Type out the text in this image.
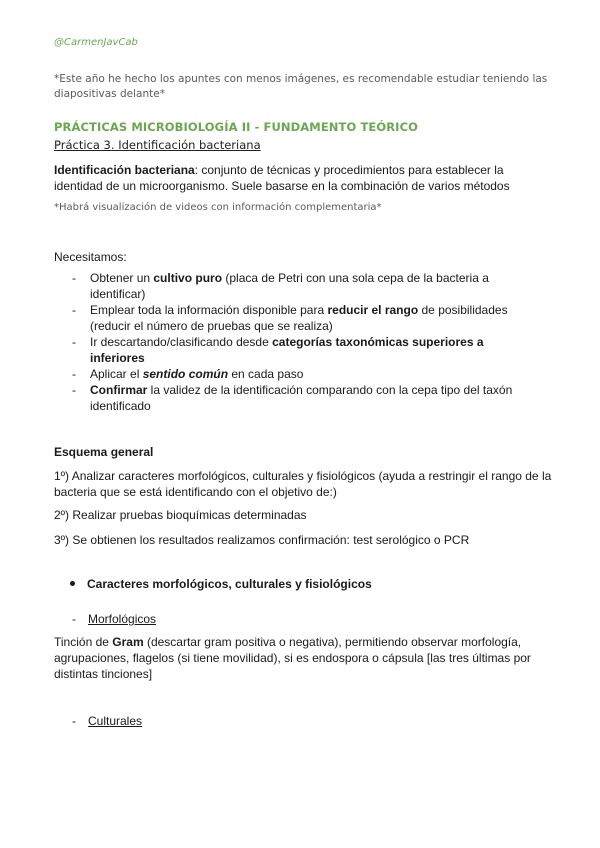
@CarmenJavCab
*Este año he hecho los apuntes con menos imágenes, es recomendable estudiar teniendo las diapositivas delante*
PRÁCTICAS MICROBIOLOGÍA II - FUNDAMENTO TEÓRICO
Práctica 3. Identificación bacteriana
Identificación bacteriana: conjunto de técnicas y procedimientos para establecer la identidad de un microorganismo. Suele basarse en la combinación de varios métodos
*Habrá visualización de videos con información complementaria*
Necesitamos:
- Obtener un cultivo puro (placa de Petri con una sola cepa de la bacteria a identificar)
- Emplear toda la información disponible para reducir el rango de posibilidades (reducir el número de pruebas que se realiza)
- Ir descartando/clasificando desde categorías taxonómicas superiores a inferiores
- Aplicar el sentido común en cada paso
- Confirmar la validez de la identificación comparando con la cepa tipo del taxón identificado
Esquema general
1º) Analizar caracteres morfológicos, culturales y fisiológicos (ayuda a restringir el rango de la bacteria que se está identificando con el objetivo de:)
2º) Realizar pruebas bioquímicas determinadas
3º) Se obtienen los resultados realizamos confirmación: test serológico o PCR
Caracteres morfológicos, culturales y fisiológicos
- Morfológicos
Tinción de Gram (descartar gram positiva o negativa), permitiendo observar morfología, agrupaciones, flagelos (si tiene movilidad), si es endospora o cápsula [las tres últimas por distintas tinciones]
- Culturales
